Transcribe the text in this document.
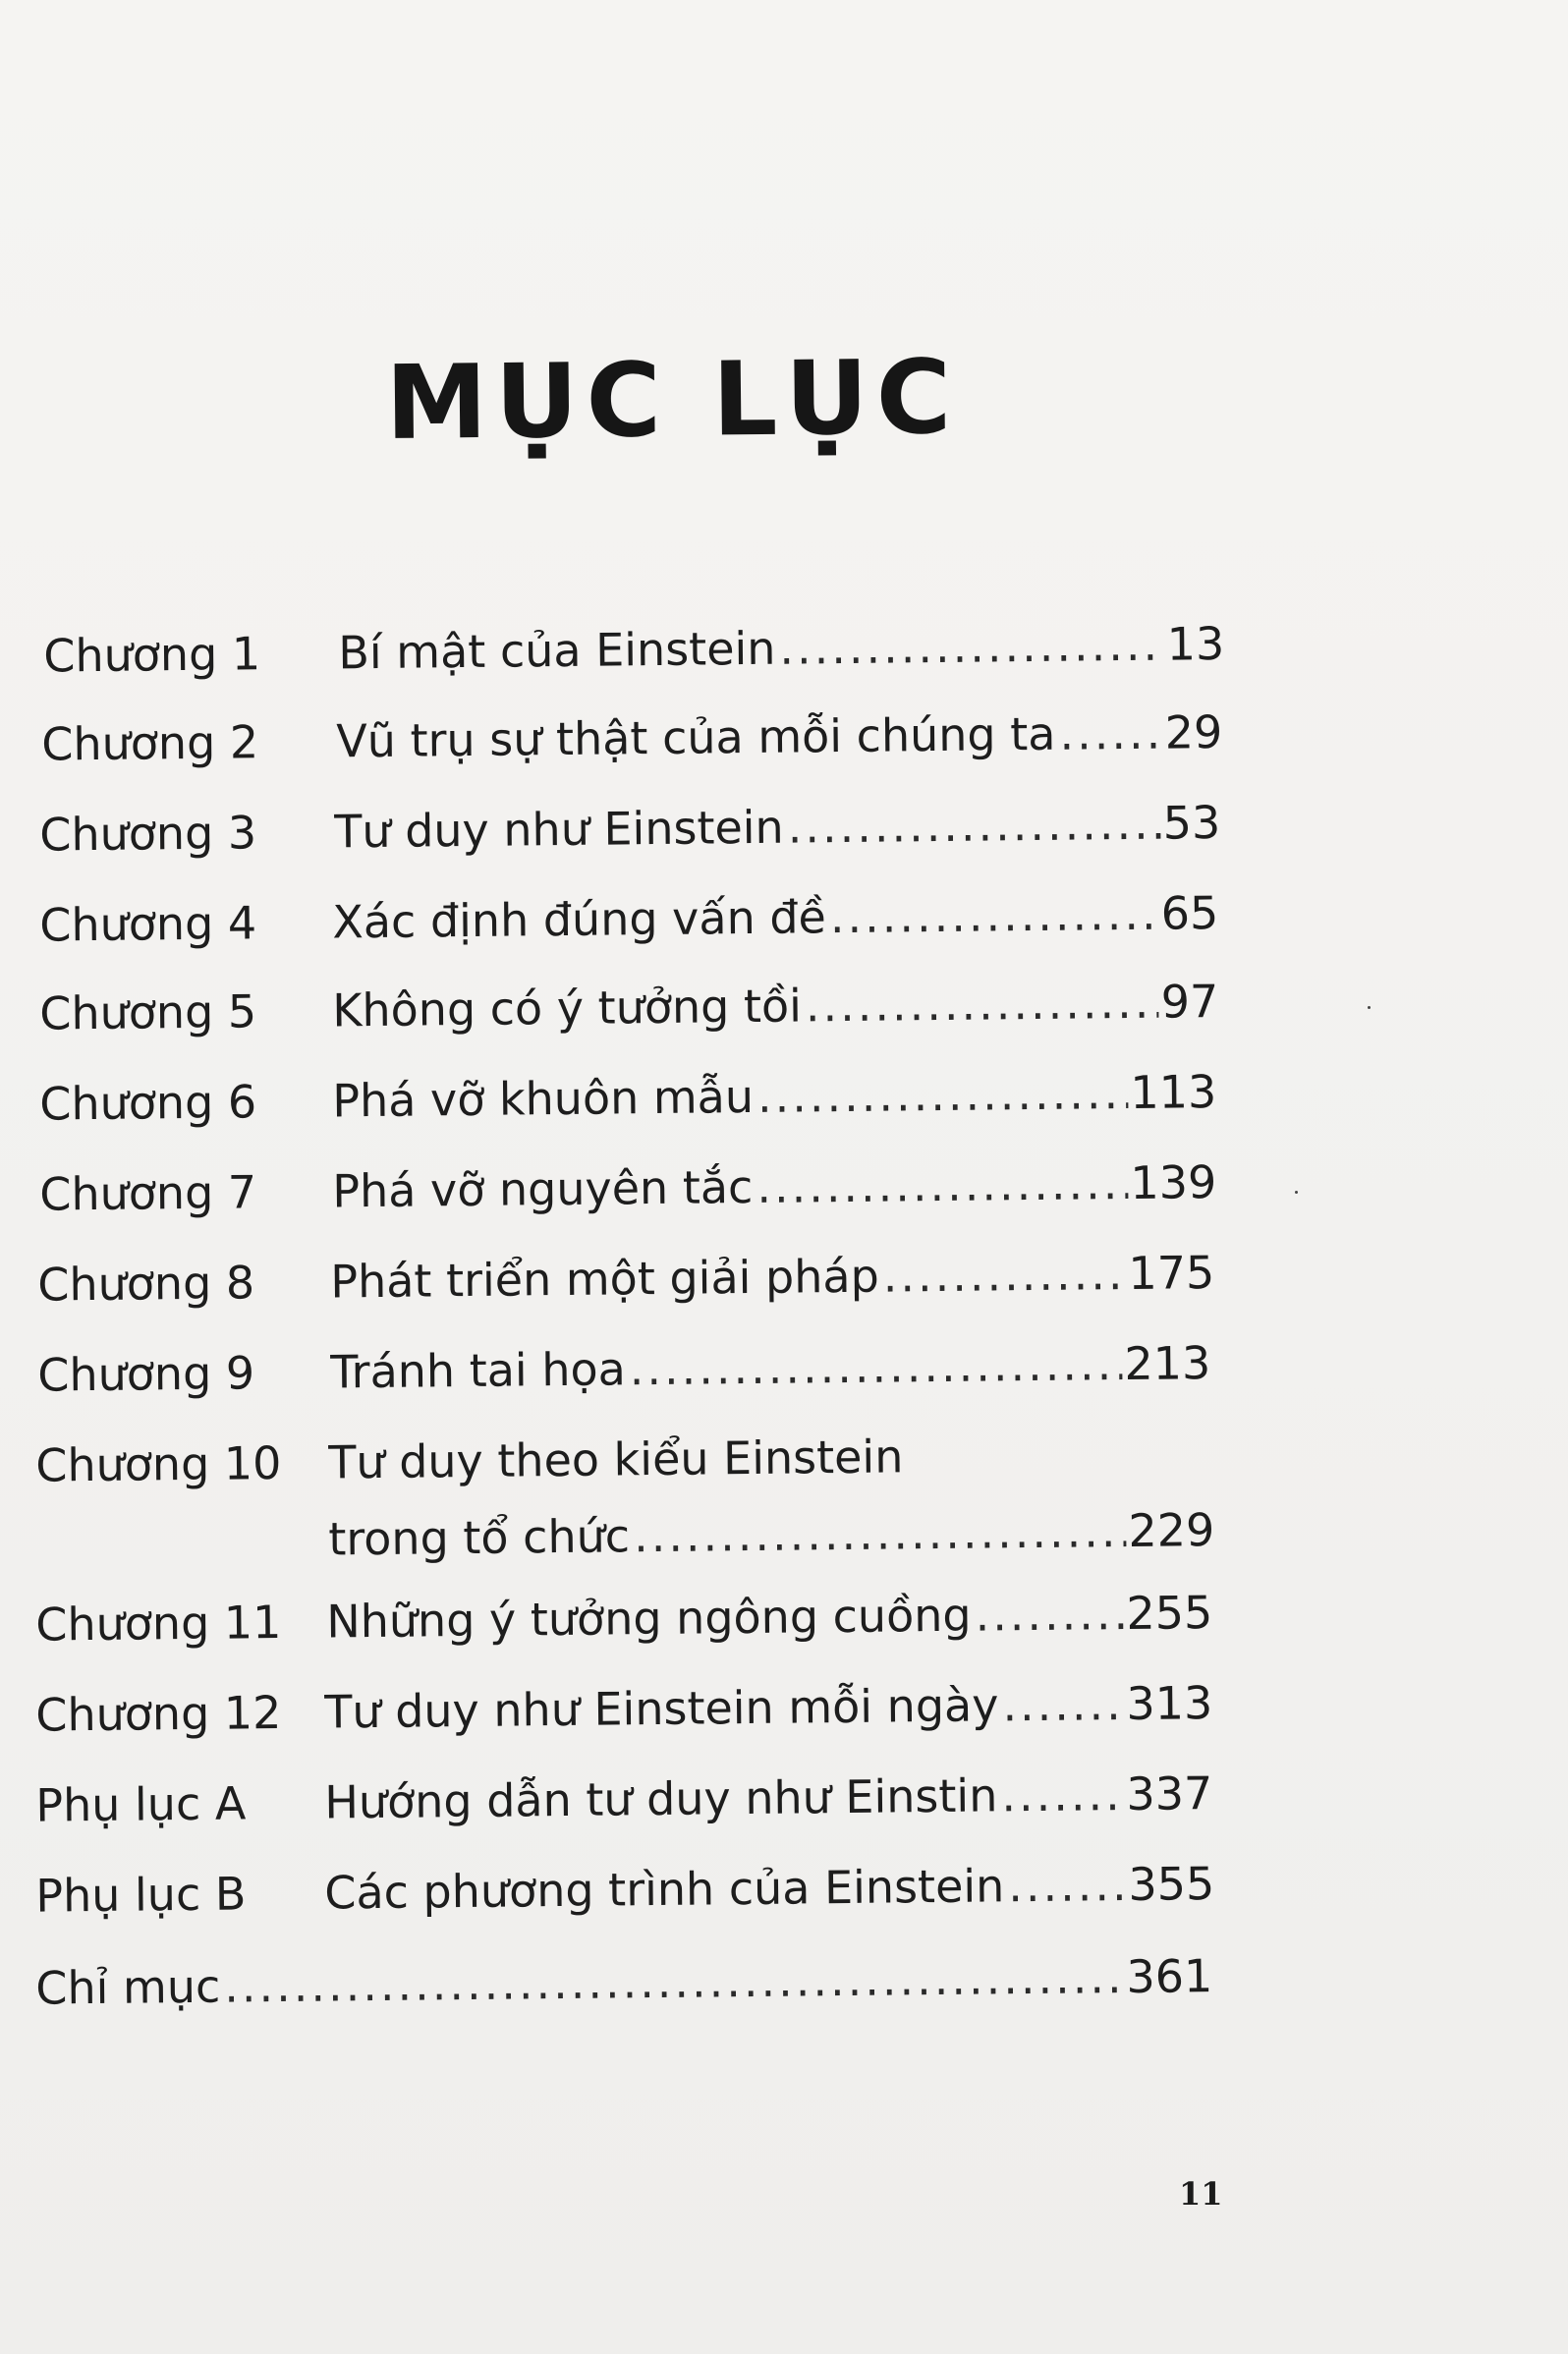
MỤC LỤC
Chương 1 Bí mật của Einstein .....	13
Chương 2 Vũ trụ sự thật của mỗi chúng ta ..... 29
Chương 3 Tư duy như Einstein .....	53
Chương 4 Xác định đúng vấn đề .....	65
Chương 5 Không có ý tưởng tồi .....	97
Chương 6 Phá vỡ khuôn mẫu .....	113
Chương 7 Phá vỡ nguyên tắc .....	139
Chương 8 Phát triển một giải pháp .....	175
Chương 9 Tránh tai họa .....	213
Chương 10 Tư duy theo kiểu Einstein
trong tổ chức .....	229
Chương 11 Những ý tưởng ngông cuồng .....	255
Chương 12 Tư duy như Einstein mỗi ngày .....	313
Phụ lục A Hướng dẫn tư duy như Einstin .....	337
Phụ lục B Các phương trình của Einstein .....	355
Chỉ mục .....	361
11
